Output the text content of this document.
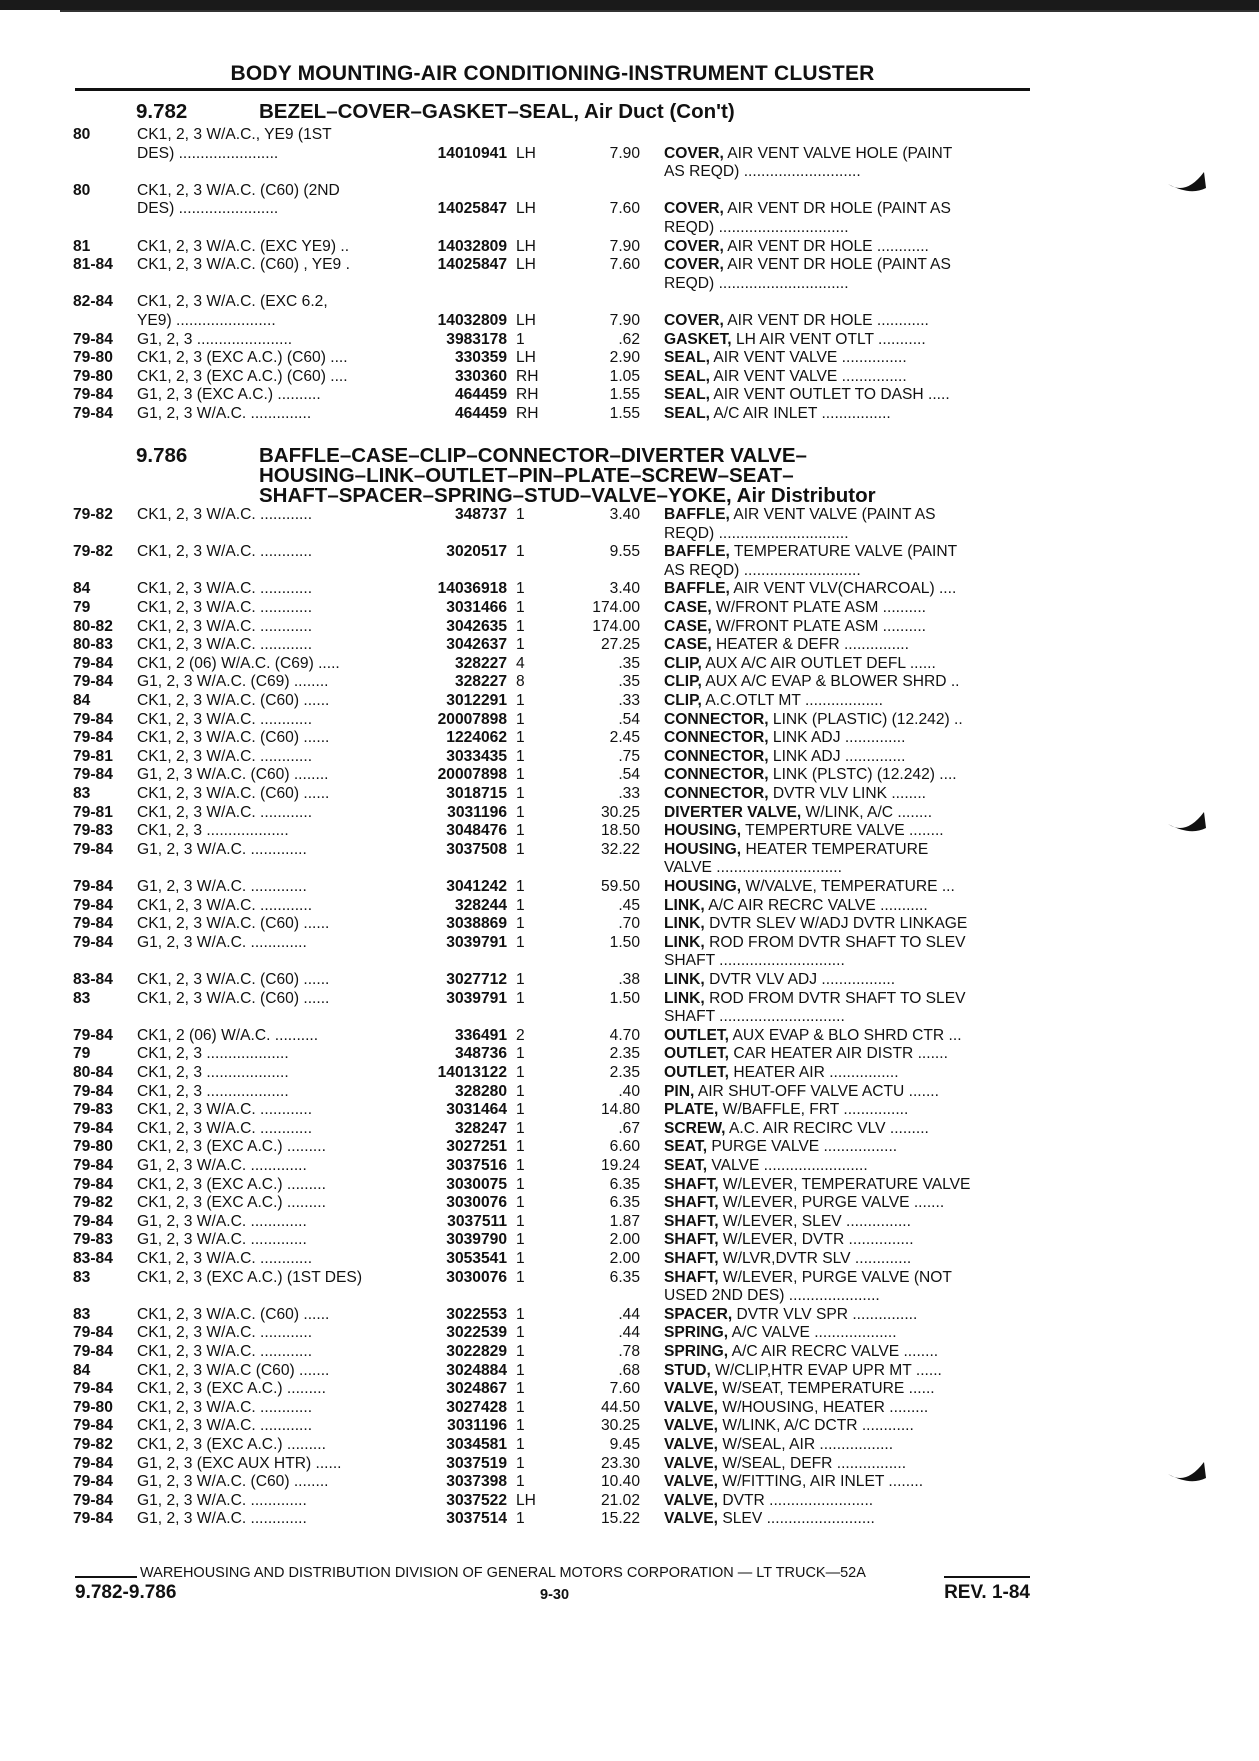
BODY MOUNTING-AIR CONDITIONING-INSTRUMENT CLUSTER
9.782	BEZEL–COVER–GASKET–SEAL, Air Duct (Con't)
9.786	BAFFLE–CASE–CLIP–CONNECTOR–DIVERTER VALVE–
HOUSING–LINK–OUTLET–PIN–PLATE–SCREW–SEAT–
SHAFT–SPACER–SPRING–STUD–VALVE–YOKE, Air Distributor
80	CK1, 2, 3 W/A.C., YE9 (1ST
DES) .......................	14010941 LH	7.90 COVER, AIR VENT VALVE HOLE (PAINT
AS REQD) ...........................
80	CK1, 2, 3 W/A.C. (C60) (2ND
DES) .......................	14025847 LH	7.60 COVER, AIR VENT DR HOLE (PAINT AS
REQD) ..............................
81	CK1, 2, 3 W/A.C. (EXC YE9) ..	14032809 LH	7.90 COVER, AIR VENT DR HOLE ............
81-84 CK1, 2, 3 W/A.C. (C60) , YE9 .	14025847 LH	7.60 COVER, AIR VENT DR HOLE (PAINT AS
REQD) ..............................
82-84 CK1, 2, 3 W/A.C. (EXC 6.2,
YE9) .......................	14032809 LH	7.90 COVER, AIR VENT DR HOLE ............
79-84 G1, 2, 3 ......................	3983178 1	.62 GASKET, LH AIR VENT OTLT ...........
79-80 CK1, 2, 3 (EXC A.C.) (C60) ....	330359 LH	2.90 SEAL, AIR VENT VALVE ...............
79-80 CK1, 2, 3 (EXC A.C.) (C60) ....	330360 RH	1.05 SEAL, AIR VENT VALVE ...............
79-84 G1, 2, 3 (EXC A.C.) ..........	464459 RH	1.55 SEAL, AIR VENT OUTLET TO DASH .....
79-84 G1, 2, 3 W/A.C. ..............	464459 RH	1.55 SEAL, A/C AIR INLET ................
79-82 CK1, 2, 3 W/A.C. ............	348737 1	3.40 BAFFLE, AIR VENT VALVE (PAINT AS
REQD) ..............................
79-82 CK1, 2, 3 W/A.C. ............	3020517 1	9.55 BAFFLE, TEMPERATURE VALVE (PAINT
AS REQD) ...........................
84	CK1, 2, 3 W/A.C. ............	14036918 1	3.40 BAFFLE, AIR VENT VLV(CHARCOAL) ....
79	CK1, 2, 3 W/A.C. ............	3031466 1	174.00 CASE, W/FRONT PLATE ASM ..........
80-82 CK1, 2, 3 W/A.C. ............	3042635 1	174.00 CASE, W/FRONT PLATE ASM ..........
80-83 CK1, 2, 3 W/A.C. ............	3042637 1	27.25 CASE, HEATER & DEFR ...............
79-84 CK1, 2 (06) W/A.C. (C69) .....	328227 4	.35 CLIP, AUX A/C AIR OUTLET DEFL ......
79-84 G1, 2, 3 W/A.C. (C69) ........	328227 8	.35 CLIP, AUX A/C EVAP & BLOWER SHRD ..
84	CK1, 2, 3 W/A.C. (C60) ......	3012291 1	.33 CLIP, A.C.OTLT MT ..................
79-84 CK1, 2, 3 W/A.C. ............	20007898 1	.54 CONNECTOR, LINK (PLASTIC) (12.242) ..
79-84 CK1, 2, 3 W/A.C. (C60) ......	1224062 1	2.45 CONNECTOR, LINK ADJ ..............
79-81 CK1, 2, 3 W/A.C. ............	3033435 1	.75 CONNECTOR, LINK ADJ ..............
79-84 G1, 2, 3 W/A.C. (C60) ........	20007898 1	.54 CONNECTOR, LINK (PLSTC) (12.242) ....
83	CK1, 2, 3 W/A.C. (C60) ......	3018715 1	.33 CONNECTOR, DVTR VLV LINK ........
79-81 CK1, 2, 3 W/A.C. ............	3031196 1	30.25 DIVERTER VALVE, W/LINK, A/C ........
79-83 CK1, 2, 3 ...................	3048476 1	18.50 HOUSING, TEMPERTURE VALVE ........
79-84 G1, 2, 3 W/A.C. .............	3037508 1	32.22 HOUSING, HEATER TEMPERATURE
VALVE .............................
79-84 G1, 2, 3 W/A.C. .............	3041242 1	59.50 HOUSING, W/VALVE, TEMPERATURE ...
79-84 CK1, 2, 3 W/A.C. ............	328244 1	.45 LINK, A/C AIR RECRC VALVE ...........
79-84 CK1, 2, 3 W/A.C. (C60) ......	3038869 1	.70 LINK, DVTR SLEV W/ADJ DVTR LINKAGE
79-84 G1, 2, 3 W/A.C. .............	3039791 1	1.50 LINK, ROD FROM DVTR SHAFT TO SLEV
SHAFT .............................
83-84 CK1, 2, 3 W/A.C. (C60) ......	3027712 1	.38 LINK, DVTR VLV ADJ .................
83	CK1, 2, 3 W/A.C. (C60) ......	3039791 1	1.50 LINK, ROD FROM DVTR SHAFT TO SLEV
SHAFT .............................
79-84 CK1, 2 (06) W/A.C. ..........	336491 2	4.70 OUTLET, AUX EVAP & BLO SHRD CTR ...
79	CK1, 2, 3 ...................	348736 1	2.35 OUTLET, CAR HEATER AIR DISTR .......
80-84 CK1, 2, 3 ...................	14013122 1	2.35 OUTLET, HEATER AIR ................
79-84 CK1, 2, 3 ...................	328280 1	.40 PIN, AIR SHUT-OFF VALVE ACTU .......
79-83 CK1, 2, 3 W/A.C. ............	3031464 1	14.80 PLATE, W/BAFFLE, FRT ...............
79-84 CK1, 2, 3 W/A.C. ............	328247 1	.67 SCREW, A.C. AIR RECIRC VLV .........
79-80 CK1, 2, 3 (EXC A.C.) .........	3027251 1	6.60 SEAT, PURGE VALVE .................
79-84 G1, 2, 3 W/A.C. .............	3037516 1	19.24 SEAT, VALVE ........................
79-84 CK1, 2, 3 (EXC A.C.) .........	3030075 1	6.35 SHAFT, W/LEVER, TEMPERATURE VALVE
79-82 CK1, 2, 3 (EXC A.C.) .........	3030076 1	6.35 SHAFT, W/LEVER, PURGE VALVE .......
79-84 G1, 2, 3 W/A.C. .............	3037511 1	1.87 SHAFT, W/LEVER, SLEV ...............
79-83 G1, 2, 3 W/A.C. .............	3039790 1	2.00 SHAFT, W/LEVER, DVTR ...............
83-84 CK1, 2, 3 W/A.C. ............	3053541 1	2.00 SHAFT, W/LVR,DVTR SLV .............
83	CK1, 2, 3 (EXC A.C.) (1ST DES)	3030076 1	6.35 SHAFT, W/LEVER, PURGE VALVE (NOT
USED 2ND DES) .....................
83	CK1, 2, 3 W/A.C. (C60) ......	3022553 1	.44 SPACER, DVTR VLV SPR ...............
79-84 CK1, 2, 3 W/A.C. ............	3022539 1	.44 SPRING, A/C VALVE ...................
79-84 CK1, 2, 3 W/A.C. ............	3022829 1	.78 SPRING, A/C AIR RECRC VALVE ........
84	CK1, 2, 3 W/A.C (C60) .......	3024884 1	.68 STUD, W/CLIP,HTR EVAP UPR MT ......
79-84 CK1, 2, 3 (EXC A.C.) .........	3024867 1	7.60 VALVE, W/SEAT, TEMPERATURE ......
79-80 CK1, 2, 3 W/A.C. ............	3027428 1	44.50 VALVE, W/HOUSING, HEATER .........
79-84 CK1, 2, 3 W/A.C. ............	3031196 1	30.25 VALVE, W/LINK, A/C DCTR ............
79-82 CK1, 2, 3 (EXC A.C.) .........	3034581 1	9.45 VALVE, W/SEAL, AIR .................
79-84 G1, 2, 3 (EXC AUX HTR) ......	3037519 1	23.30 VALVE, W/SEAL, DEFR ................
79-84 G1, 2, 3 W/A.C. (C60) ........	3037398 1	10.40 VALVE, W/FITTING, AIR INLET ........
79-84 G1, 2, 3 W/A.C. .............	3037522 LH	21.02 VALVE, DVTR ........................
79-84 G1, 2, 3 W/A.C. .............	3037514 1	15.22 VALVE, SLEV .........................
WAREHOUSING AND DISTRIBUTION DIVISION OF GENERAL MOTORS CORPORATION — LT TRUCK—52A
9.782-9.786	9-30	REV. 1-84
